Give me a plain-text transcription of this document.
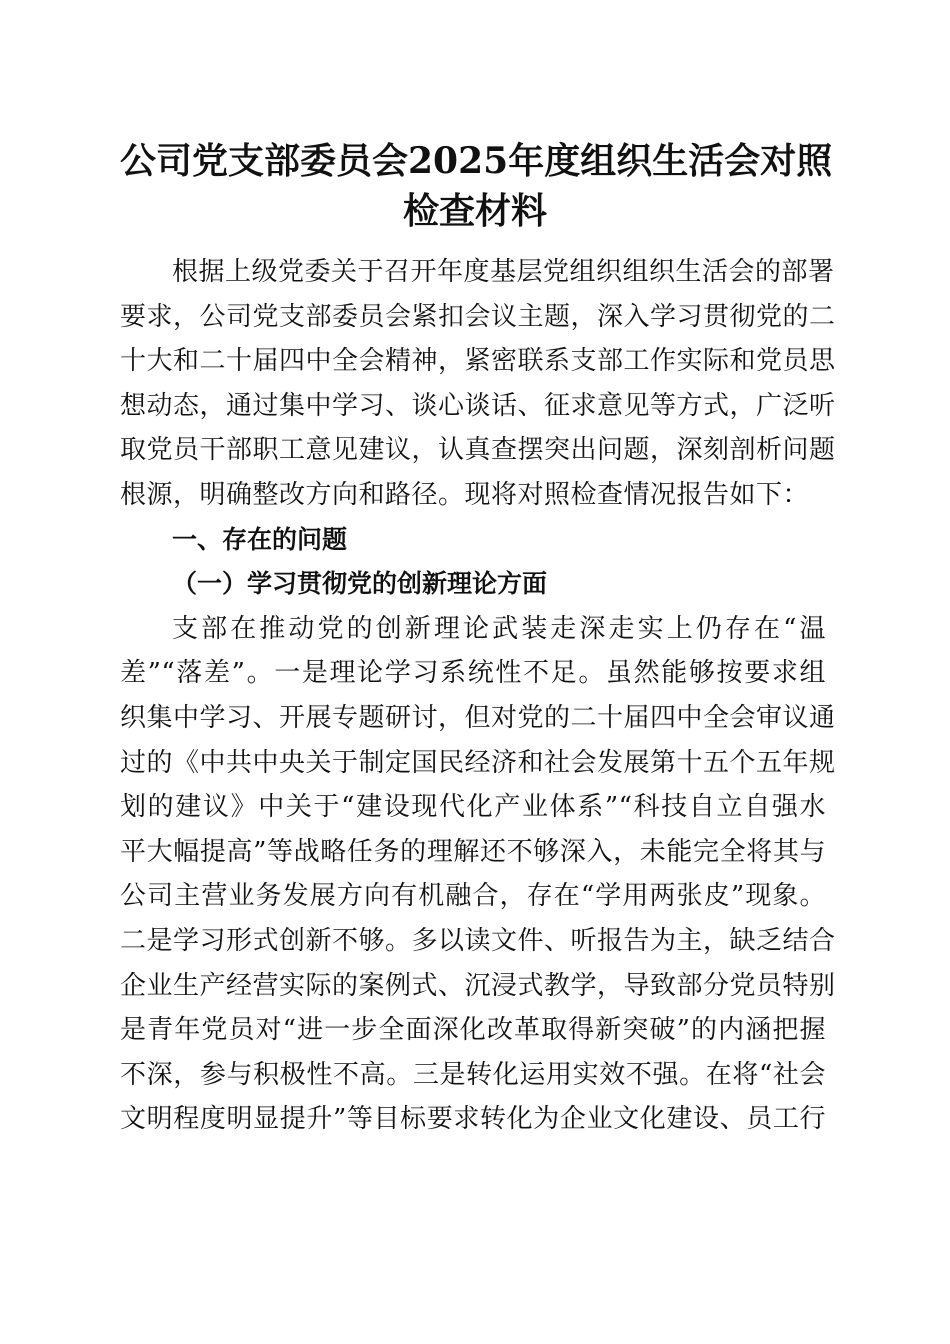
公司党支部委员会2025年度组织生活会对照
检查材料

根据上级党委关于召开年度基层党组织组织生活会的部署
要求，公司党支部委员会紧扣会议主题，深入学习贯彻党的二
十大和二十届四中全会精神，紧密联系支部工作实际和党员思
想动态，通过集中学习、谈心谈话、征求意见等方式，广泛听
取党员干部职工意见建议，认真查摆突出问题，深刻剖析问题
根源，明确整改方向和路径。现将对照检查情况报告如下：

一、存在的问题
（一）学习贯彻党的创新理论方面

支部在推动党的创新理论武装走深走实上仍存在“温
差”“落差”。一是理论学习系统性不足。虽然能够按要求组
织集中学习、开展专题研讨，但对党的二十届四中全会审议通
过的《中共中央关于制定国民经济和社会发展第十五个五年规
划的建议》中关于“建设现代化产业体系”“科技自立自强水
平大幅提高”等战略任务的理解还不够深入，未能完全将其与
公司主营业务发展方向有机融合，存在“学用两张皮”现象。
二是学习形式创新不够。多以读文件、听报告为主，缺乏结合
企业生产经营实际的案例式、沉浸式教学，导致部分党员特别
是青年党员对“进一步全面深化改革取得新突破”的内涵把握
不深，参与积极性不高。三是转化运用实效不强。在将“社会
文明程度明显提升”等目标要求转化为企业文化建设、员工行
